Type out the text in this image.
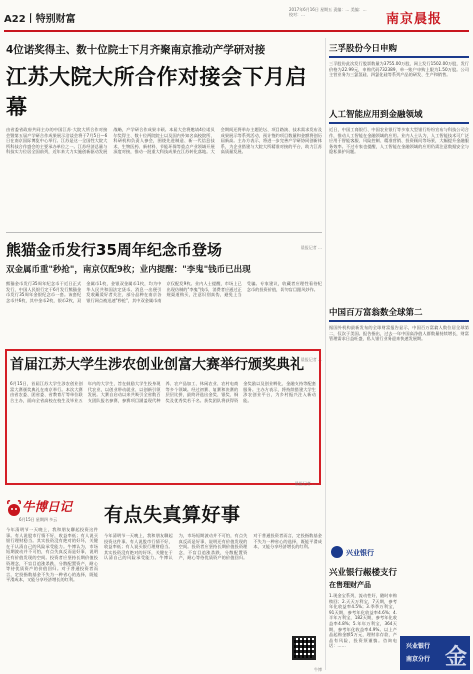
A22丨特别财富
2017年6月16日 星期五 责编：… 美编：… 校对：…	南京晨报
4位诺奖得主、数十位院士下月齐聚南京推动产学研对接
江苏大院大所合作对接会下月启幕
由省委省政府共同主办的中国江苏·大院大所合作对接会暨第五届产学研合作成果展示洽谈会将于7月5日—6日在南京国际博览中心举行。江苏是这一全国性大院大所科技合作盛会的主要承办单位之一。江苏经济总量与科技实力位居全国前列，近年来大力实施创新驱动发展战略，产学研合作成果丰硕。本届大会将邀请4位诺贝尔奖得主、数十位两院院士以及国内外知名高校院所、科研机构负责人参会，围绕先进制造、新一代信息技术、生物医药、新材料、节能环保等重点产业领域开展深度对接，推动一批重大科技成果在江苏转化落地。大会期间还将举办主题论坛、项目路演、技术需求发布及成果展示等系列活动，预计签约项目数量和金额将创历届新高。主办方表示，将进一步完善产学研协同创新体系，为企业搭建与大院大所精准对接的平台，助力江苏高质量发展。
晨报记者 …
熊猫金币发行35周年纪念币登场
双金属币重"秒抢"，南京仅配9枚；业内提醒："李鬼"钱币已出现
熊猫金币发行35周年纪念币于近日正式发行，中国人民银行定于6月发行熊猫金币发行35周年金银纪念币一套。该套纪念币共6枚，其中金币2枚，银币2枚，双金属币1枚，金银双金属币1枚，均为中华人民共和国法定货币。消息一出便引发收藏爱好者关注，部分品种在南京各银行网点被迅速"秒抢"，其中双金属币南京仅配发9枚。业内人士提醒，市场上已出现仿制的"李鬼"钱币，消费者应通过正规渠道购买，注意识别真伪，避免上当受骗。专家建议，收藏者应理性看待纪念币的投资价值，切勿盲目跟风炒作。
晨报记者 …
首届江苏大学生涉农创业创富大赛举行颁奖典礼
6月15日，首届江苏大学生涉农创业创富大赛颁奖典礼在南京举行。本次大赛由省农委、团省委、省教育厅等单位联合主办，面向全省高校在校生及毕业五年内的大学生，旨在鼓励大学生投身现代农业，以创业带动就业、以创新引领发展。大赛自启动以来共吸引全省数百支团队报名参赛，参赛项目涵盖现代种养、农产品加工、休闲农业、农村电商等多个领域。经过初赛、复赛和决赛的层层比拼，最终评选出金奖、银奖、铜奖及优秀奖若干名。获奖团队将获得资金奖励以及创业孵化、金融支持等配套服务。主办方表示，将持续搭建大学生涉农创业平台，为乡村振兴注入新动能。
晨报记者 …
牛博日记
6月15日 星期四 多云
今年清明节一天晚上，我和朋友聊起投资这件事。有人说股市行情不好，收益率低；有人说买银行理财稳当。其实投资没有绝对的好坏，关键在于认清自己的风险承受能力。牛博认为，市场短期波动并不可怕，有点失真反而是好事，说明还有价值发现的空间。投资者应坚持长期价值投资理念，不盲目追涨杀跌，分散配置资产，耐心等待优质资产的价值回归。对于普通投资者而言，定投指数基金不失为一种省心的选择，既能平滑成本，又能分享经济增长的红利。
有点失真算好事
今年清明节一天晚上，我和朋友聊起投资这件事。有人说股市行情不好，收益率低；有人说买银行理财稳当。其实投资没有绝对的好坏，关键在于认清自己的风险承受能力。牛博认为，市场短期波动并不可怕，有点失真反而是好事，说明还有价值发现的空间。投资者应坚持长期价值投资理念，不盲目追涨杀跌，分散配置资产，耐心等待优质资产的价值回归。对于普通投资者而言，定投指数基金不失为一种省心的选择，既能平滑成本，又能分享经济增长的红利。
牛博
三孚股份今日申购
三孚股份此次发行股票数量为3755.00万股，网上发行1502.00万股，发行价格为22.99元，申购代码732389，单一账户申购上限为1.50万股。公司主营业务为三氯氢硅、四氯化硅等系列产品的研发、生产和销售。
人工智能应用到金融领域
近日，中国工商银行、中国农业银行等多家大型银行纷纷宣布与科技公司合作，推动人工智能在金融领域的应用。业内人士认为，人工智能技术可广泛应用于智能客服、风险控制、精准营销、投资顾问等场景，大幅提升金融服务效率。不过专家也提醒，人工智能在金融领域的应用仍需注意数据安全与隐私保护问题。
中国百万富翁数全球第二
据国外机构最新发布的全球财富报告显示，中国百万富翁人数位居全球第二，仅次于美国。报告指出，过去一年中国高净值人群数量持续增长，财富管理需求日益旺盛，私人银行业务迎来快速发展期。
兴业银行
兴业银行赧楼支行
在售理财产品
1.现金宝系列，流动性好，随时申购赎回；2.天天万利宝，7天期，参考年化收益率4.5%；3.季季万利宝，91天期，参考年化收益率4.6%；4.半年万利宝，182天期，参考年化收益率4.8%；5.年年万利宝，364天期，参考年化收益率4.9%。以上产品起购金额5万元，理财非存款，产品有风险，投资须谨慎。咨询电话：……	兴业银行
南京分行 金
